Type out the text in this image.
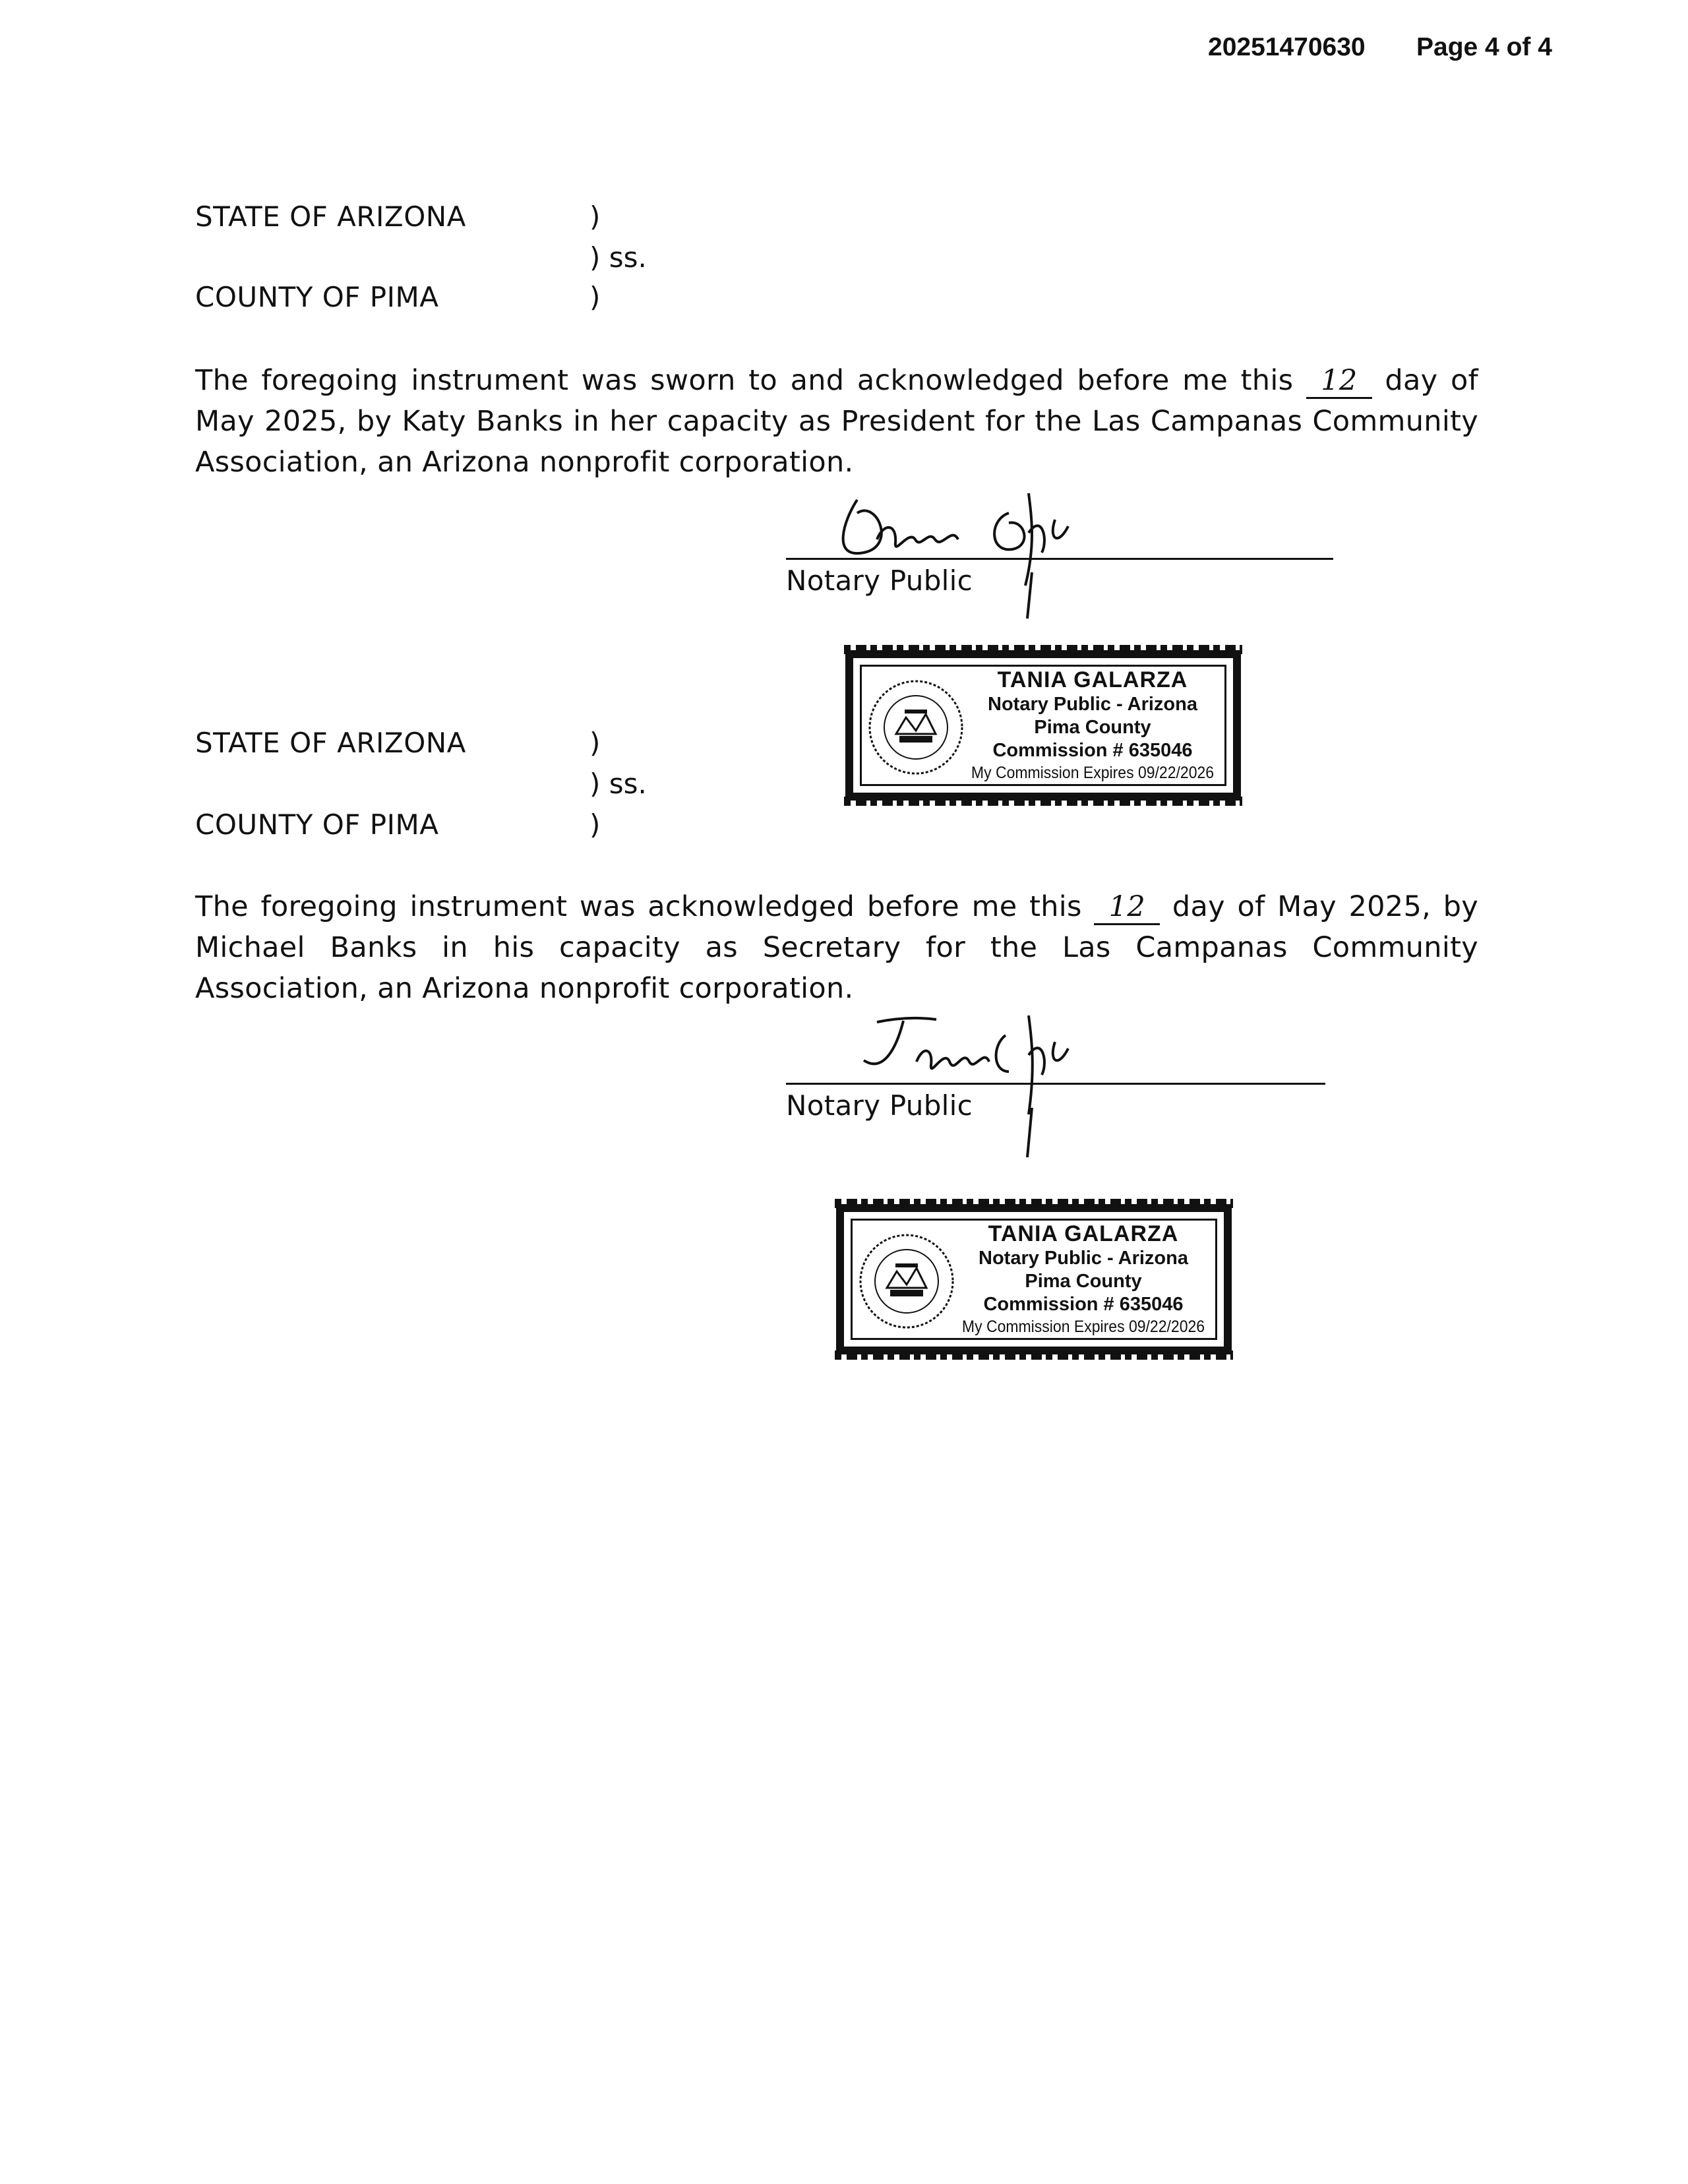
20251470630 Page 4 of 4
STATE OF ARIZONA	)
) ss.
COUNTY OF PIMA	)
The foregoing instrument was sworn to and acknowledged before me this 12 day of May 2025, by Katy Banks in her capacity as President for the Las Campanas Community Association, an Arizona nonprofit corporation.
Notary Public
TANIA GALARZA
Notary Public - Arizona
Pima County
Commission # 635046
My Commission Expires 09/22/2026
STATE OF ARIZONA	)
) ss.
COUNTY OF PIMA	)
The foregoing instrument was acknowledged before me this 12 day of May 2025, by Michael Banks in his capacity as Secretary for the Las Campanas Community Association, an Arizona nonprofit corporation.
Notary Public
TANIA GALARZA
Notary Public - Arizona
Pima County
Commission # 635046
My Commission Expires 09/22/2026
